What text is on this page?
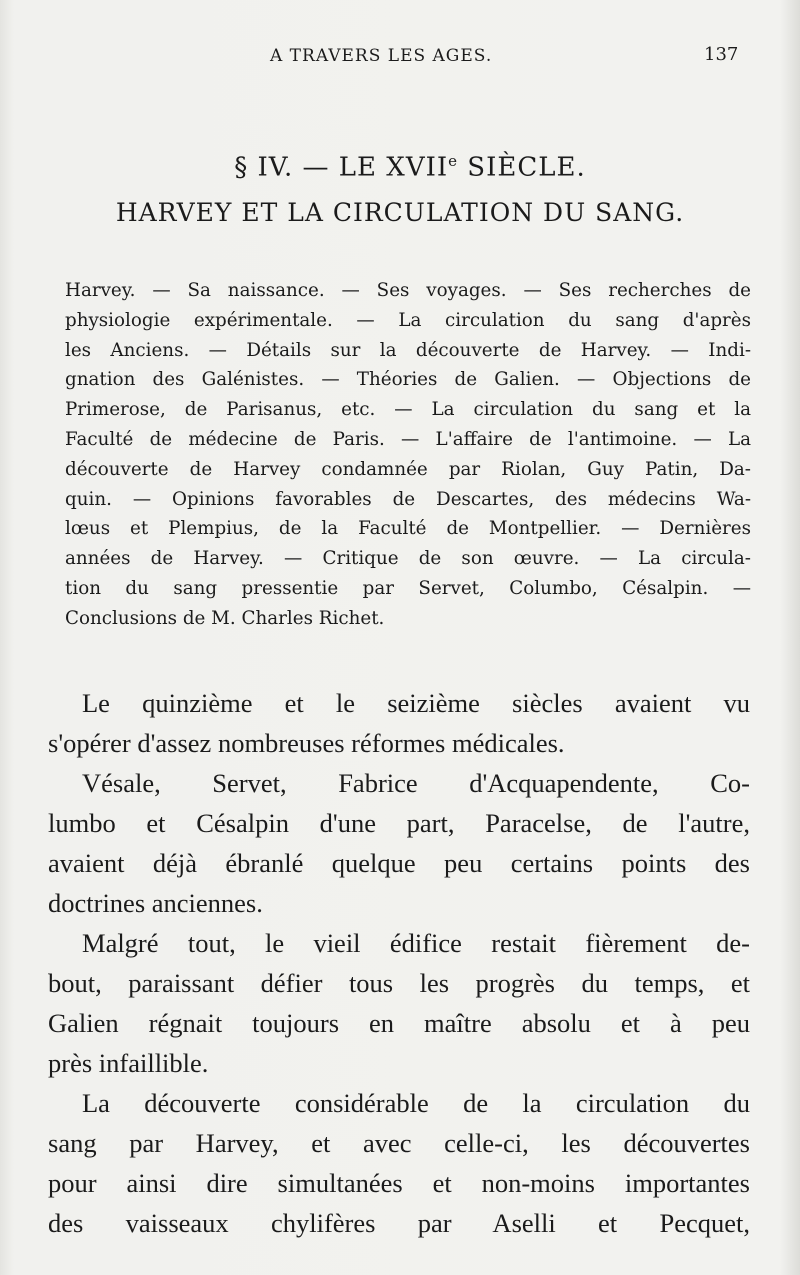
A TRAVERS LES AGES.	137
§ IV. — LE XVIIe SIÈCLE.
HARVEY ET LA CIRCULATION DU SANG.
Harvey. — Sa naissance. — Ses voyages. — Ses recherches de
physiologie expérimentale. — La circulation du sang d'après
les Anciens. — Détails sur la découverte de Harvey. — Indi-
gnation des Galénistes. — Théories de Galien. — Objections de
Primerose, de Parisanus, etc. — La circulation du sang et la
Faculté de médecine de Paris. — L'affaire de l'antimoine. — La
découverte de Harvey condamnée par Riolan, Guy Patin, Da-
quin. — Opinions favorables de Descartes, des médecins Wa-
lœus et Plempius, de la Faculté de Montpellier. — Dernières
années de Harvey. — Critique de son œuvre. — La circula-
tion du sang pressentie par Servet, Columbo, Césalpin. —
Conclusions de M. Charles Richet.
Le quinzième et le seizième siècles avaient vu
s'opérer d'assez nombreuses réformes médicales.
Vésale, Servet, Fabrice d'Acquapendente, Co-
lumbo et Césalpin d'une part, Paracelse, de l'autre,
avaient déjà ébranlé quelque peu certains points des
doctrines anciennes.
Malgré tout, le vieil édifice restait fièrement de-
bout, paraissant défier tous les progrès du temps, et
Galien régnait toujours en maître absolu et à peu
près infaillible.
La découverte considérable de la circulation du
sang par Harvey, et avec celle-ci, les découvertes
pour ainsi dire simultanées et non-moins importantes
des vaisseaux chylifères par Aselli et Pecquet,
